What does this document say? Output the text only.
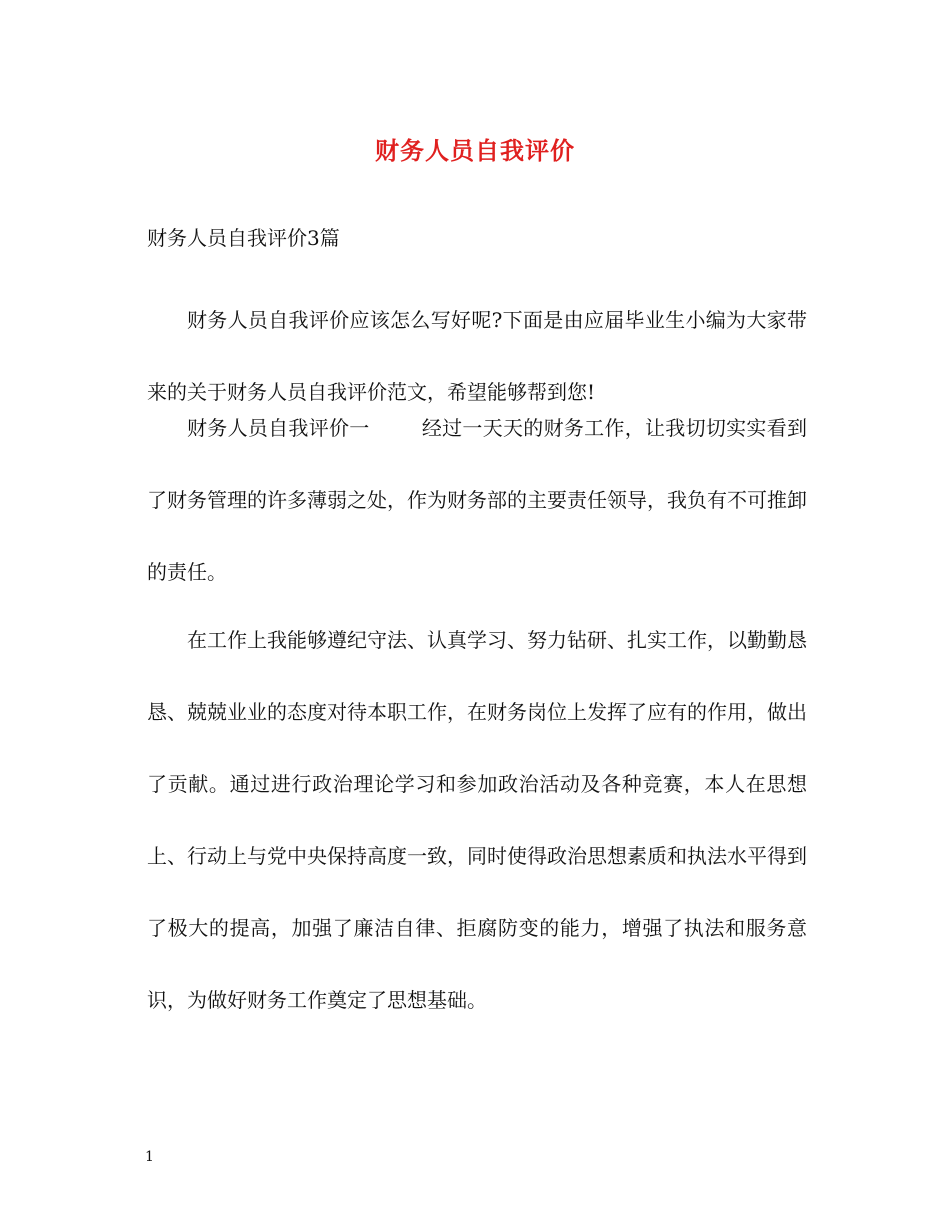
财务人员自我评价
财务人员自我评价3篇

财务人员自我评价应该怎么写好呢?下面是由应届毕业生小编为大家带来的关于财务人员自我评价范文，希望能够帮到您!

财务人员自我评价一	经过一天天的财务工作，让我切切实实看到了财务管理的许多薄弱之处，作为财务部的主要责任领导，我负有不可推卸的责任。

在工作上我能够遵纪守法、认真学习、努力钻研、扎实工作，以勤勤恳恳、兢兢业业的态度对待本职工作，在财务岗位上发挥了应有的作用，做出了贡献。通过进行政治理论学习和参加政治活动及各种竞赛，本人在思想上、行动上与党中央保持高度一致，同时使得政治思想素质和执法水平得到了极大的提高，加强了廉洁自律、拒腐防变的能力，增强了执法和服务意识，为做好财务工作奠定了思想基础。

1
